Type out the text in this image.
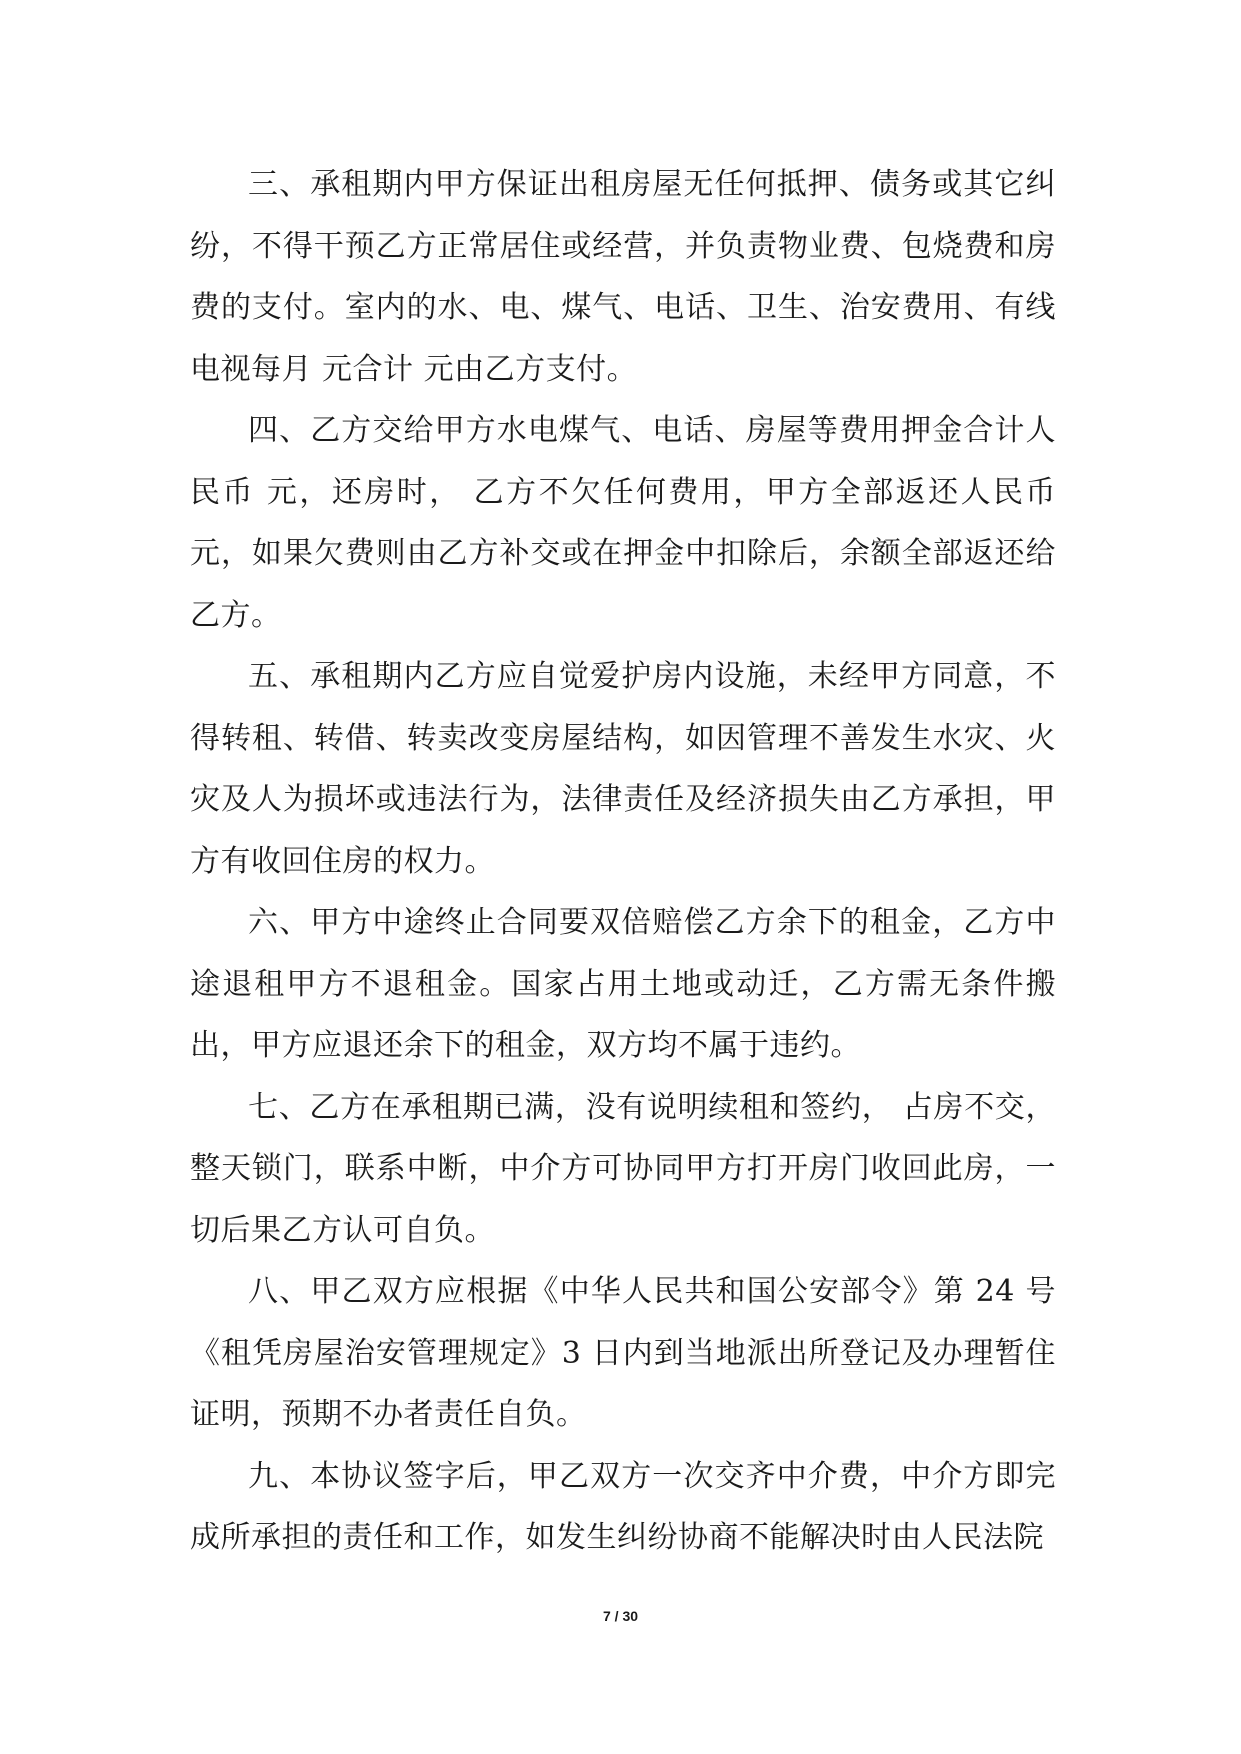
三、承租期内甲方保证出租房屋无任何抵押、债务或其它纠纷，不得干预乙方正常居住或经营，并负责物业费、包烧费和房费的支付。室内的水、电、煤气、电话、卫生、治安费用、有线电视每月 元合计 元由乙方支付。

四、乙方交给甲方水电煤气、电话、房屋等费用押金合计人民币 元，还房时， 乙方不欠任何费用，甲方全部返还人民币 元，如果欠费则由乙方补交或在押金中扣除后，余额全部返还给乙方。

五、承租期内乙方应自觉爱护房内设施，未经甲方同意，不得转租、转借、转卖改变房屋结构，如因管理不善发生水灾、火灾及人为损坏或违法行为，法律责任及经济损失由乙方承担，甲方有收回住房的权力。

六、甲方中途终止合同要双倍赔偿乙方余下的租金，乙方中途退租甲方不退租金。国家占用土地或动迁，乙方需无条件搬出，甲方应退还余下的租金，双方均不属于违约。

七、乙方在承租期已满，没有说明续租和签约， 占房不交，整天锁门，联系中断，中介方可协同甲方打开房门收回此房，一切后果乙方认可自负。

八、甲乙双方应根据《中华人民共和国公安部令》第 24 号《租凭房屋治安管理规定》3 日内到当地派出所登记及办理暂住证明，预期不办者责任自负。

九、本协议签字后，甲乙双方一次交齐中介费，中介方即完成所承担的责任和工作，如发生纠纷协商不能解决时由人民法院

7 / 30
